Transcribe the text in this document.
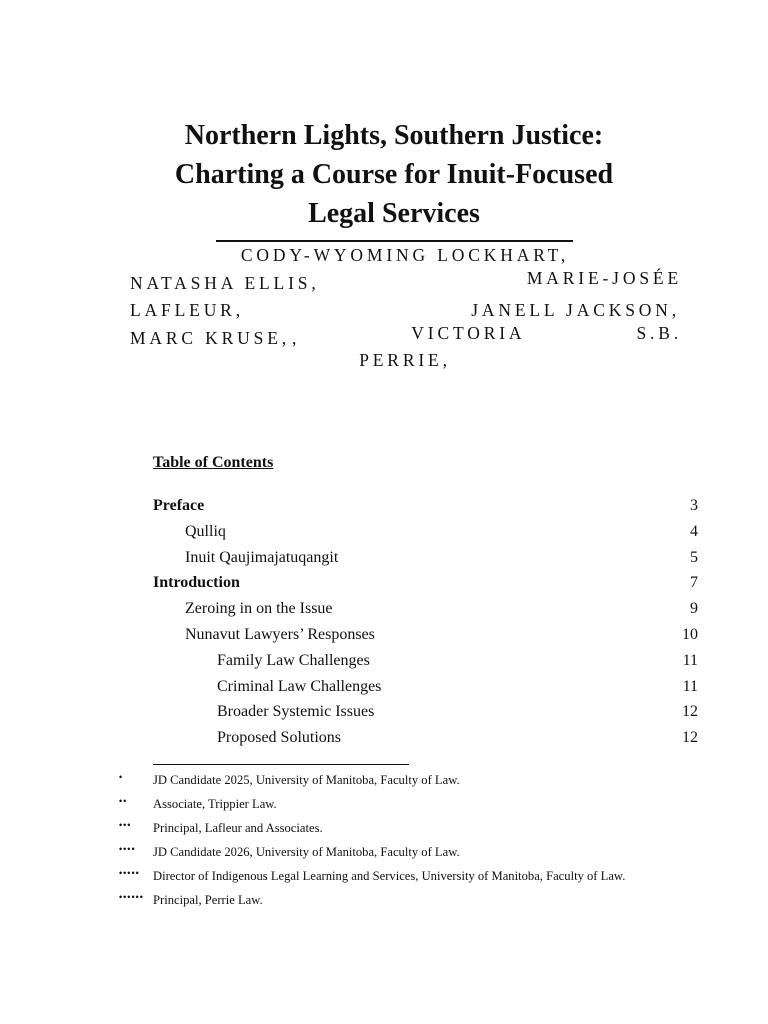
Northern Lights, Southern Justice:
Charting a Course for Inuit-Focused
Legal Services
CODY-WYOMING LOCKHART,
NATASHA ELLIS,	MARIE-JOSÉE
LAFLEUR,	JANELL JACKSON,
MARC KRUSE, ,	VICTORIA	S.B.
PERRIE,
Table of Contents
Preface	3
Qulliq	4
Inuit Qaujimajatuqangit	5
Introduction	7
Zeroing in on the Issue	9
Nunavut Lawyers’ Responses	10
Family Law Challenges	11
Criminal Law Challenges	11
Broader Systemic Issues	12
Proposed Solutions	12
• JD Candidate 2025, University of Manitoba, Faculty of Law.
•• Associate, Trippier Law.
••• Principal, Lafleur and Associates.
•••• JD Candidate 2026, University of Manitoba, Faculty of Law.
••••• Director of Indigenous Legal Learning and Services, University of Manitoba, Faculty of Law.
•••••• Principal, Perrie Law.
